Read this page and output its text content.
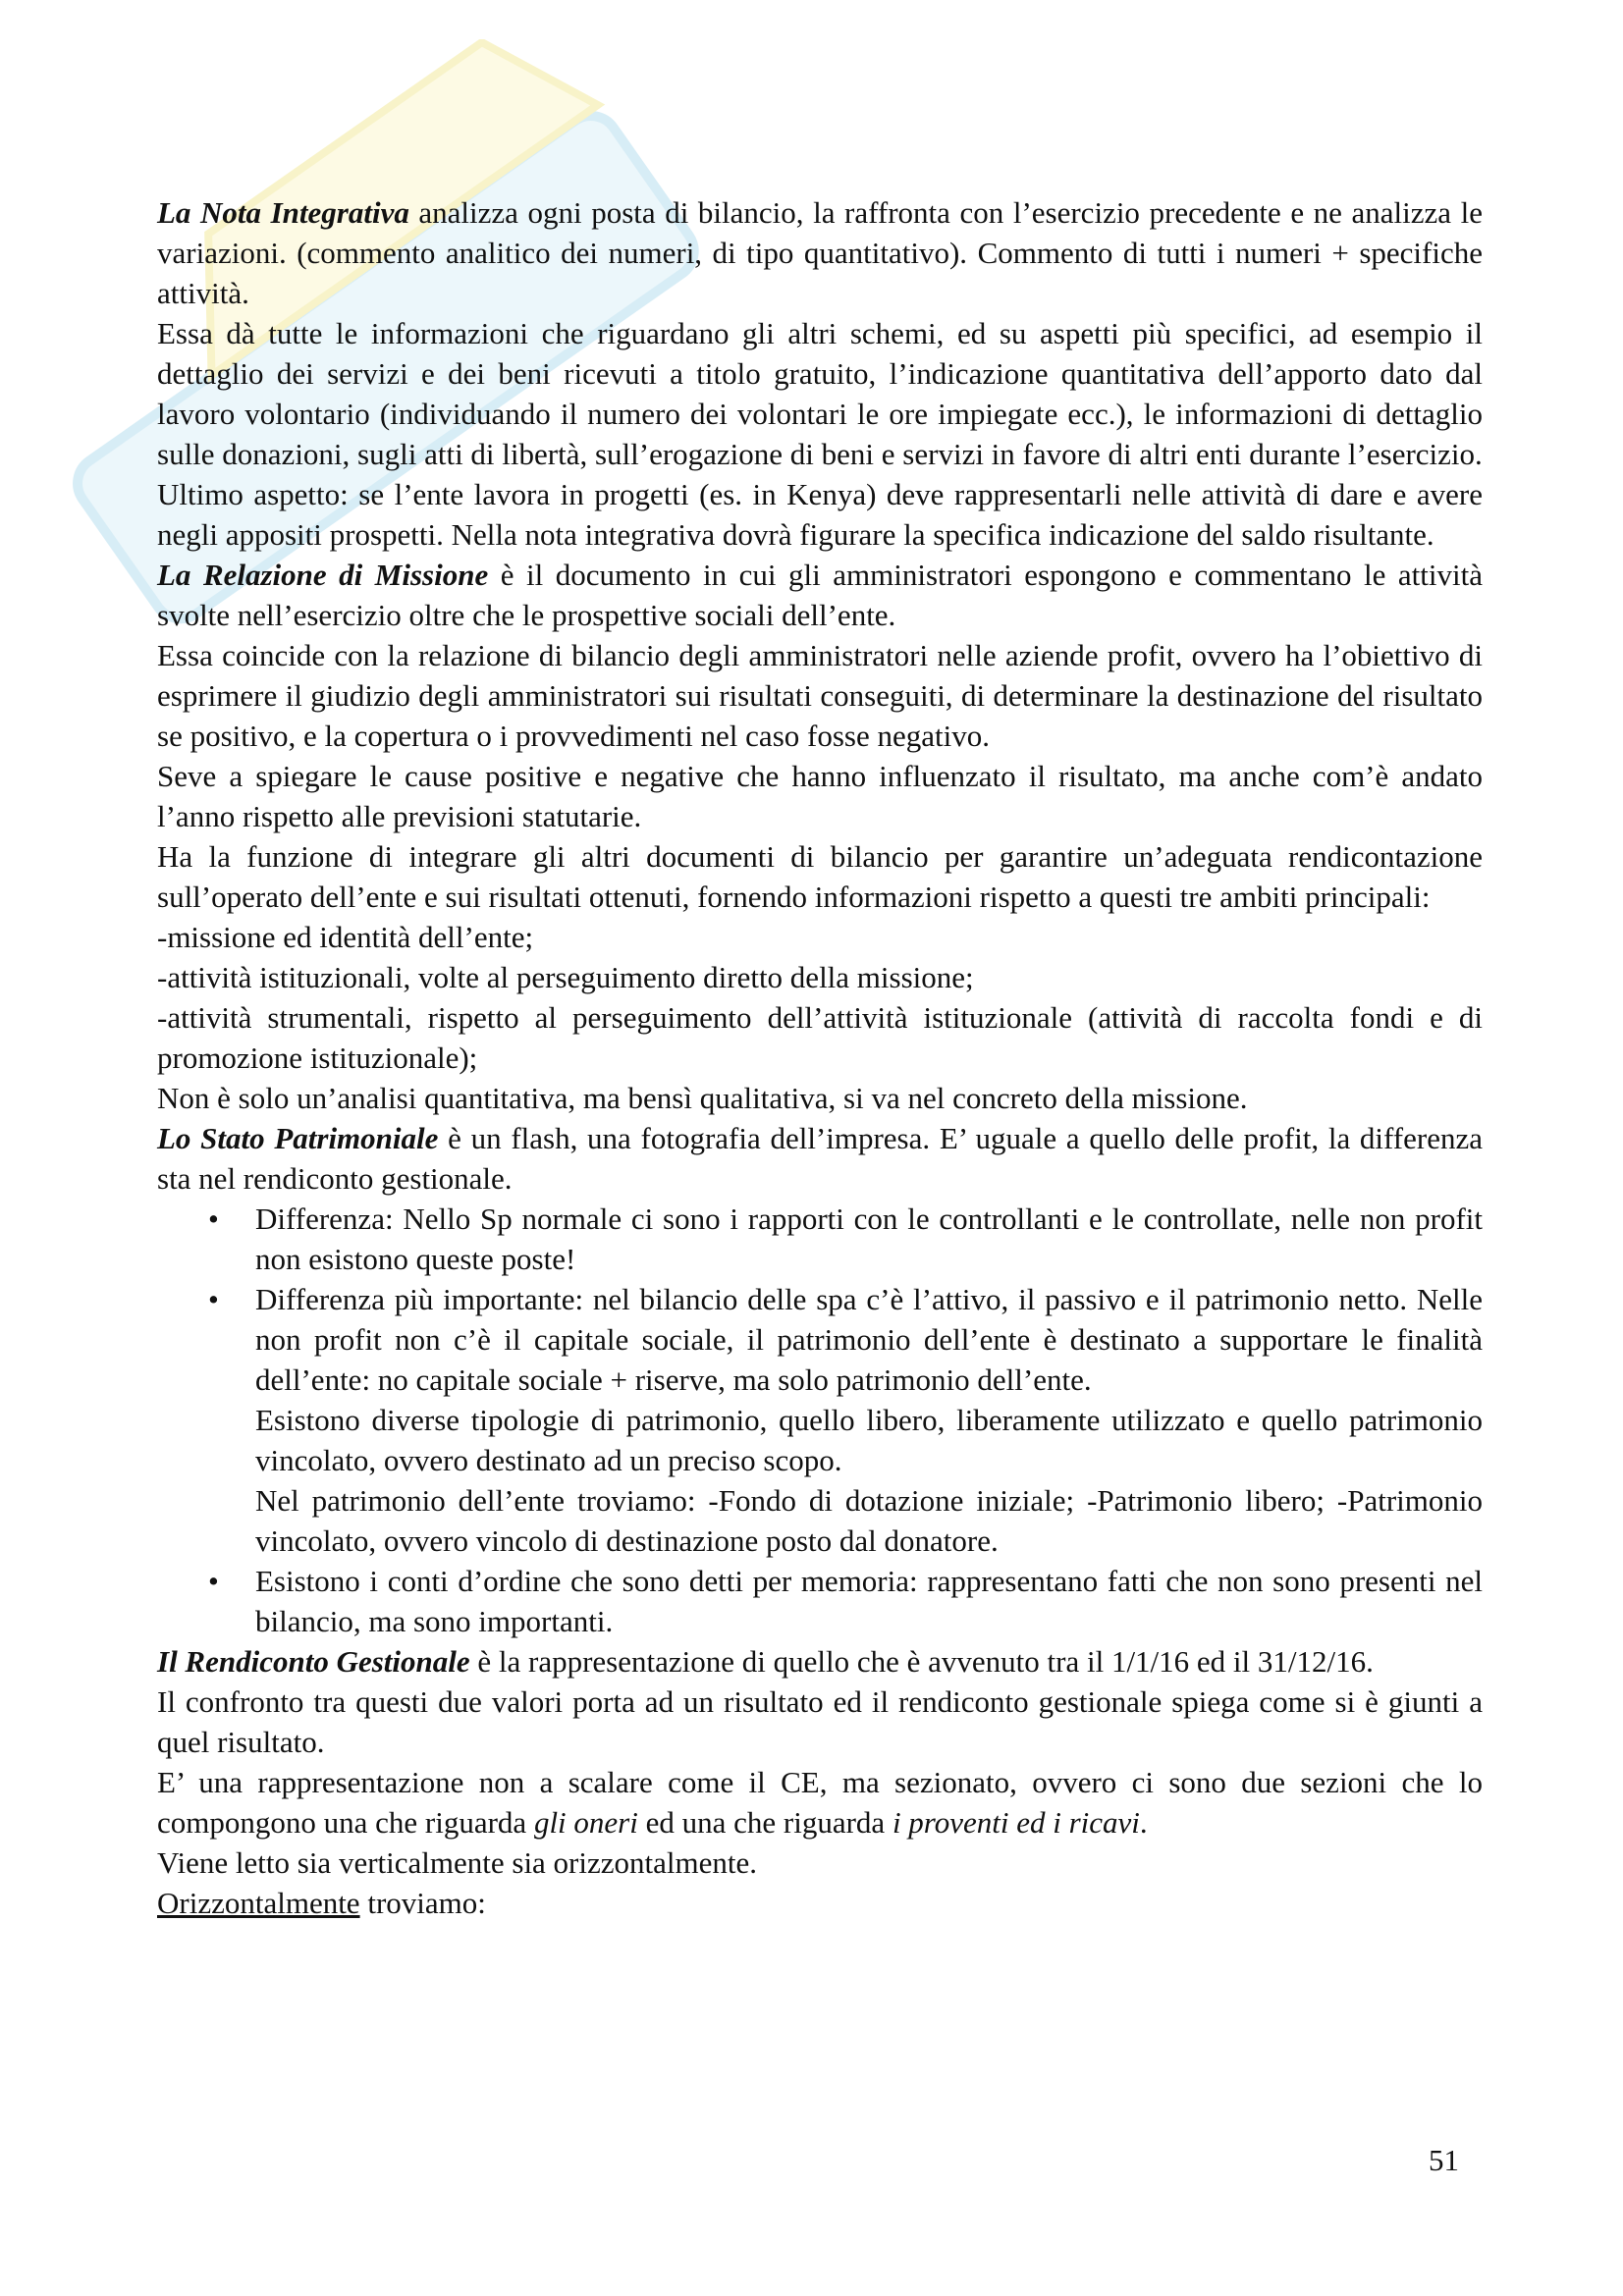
La Nota Integrativa analizza ogni posta di bilancio, la raffronta con l’esercizio precedente e ne analizza le variazioni. (commento analitico dei numeri, di tipo quantitativo). Commento di tutti i numeri + specifiche attività.

Essa dà tutte le informazioni che riguardano gli altri schemi, ed su aspetti più specifici, ad esempio il dettaglio dei servizi e dei beni ricevuti a titolo gratuito, l’indicazione quantitativa dell’apporto dato dal lavoro volontario (individuando il numero dei volontari le ore impiegate ecc.), le informazioni di dettaglio sulle donazioni, sugli atti di libertà, sull’erogazione di beni e servizi in favore di altri enti durante l’esercizio.

Ultimo aspetto: se l’ente lavora in progetti (es. in Kenya) deve rappresentarli nelle attività di dare e avere negli appositi prospetti. Nella nota integrativa dovrà figurare la specifica indicazione del saldo risultante.

La Relazione di Missione è il documento in cui gli amministratori espongono e commentano le attività svolte nell’esercizio oltre che le prospettive sociali dell’ente.

Essa coincide con la relazione di bilancio degli amministratori nelle aziende profit, ovvero ha l’obiettivo di esprimere il giudizio degli amministratori sui risultati conseguiti, di determinare la destinazione del risultato se positivo, e la copertura o i provvedimenti nel caso fosse negativo.

Seve a spiegare le cause positive e negative che hanno influenzato il risultato, ma anche com’è andato l’anno rispetto alle previsioni statutarie.

Ha la funzione di integrare gli altri documenti di bilancio per garantire un’adeguata rendicontazione sull’operato dell’ente e sui risultati ottenuti, fornendo informazioni rispetto a questi tre ambiti principali:

-missione ed identità dell’ente;

-attività istituzionali, volte al perseguimento diretto della missione;

-attività strumentali, rispetto al perseguimento dell’attività istituzionale (attività di raccolta fondi e di promozione istituzionale);

Non è solo un’analisi quantitativa, ma bensì qualitativa, si va nel concreto della missione.

Lo Stato Patrimoniale è un flash, una fotografia dell’impresa. E’ uguale a quello delle profit, la differenza sta nel rendiconto gestionale.

• Differenza: Nello Sp normale ci sono i rapporti con le controllanti e le controllate, nelle non profit non esistono queste poste!

• Differenza più importante: nel bilancio delle spa c’è l’attivo, il passivo e il patrimonio netto. Nelle non profit non c’è il capitale sociale, il patrimonio dell’ente è destinato a supportare le finalità dell’ente: no capitale sociale + riserve, ma solo patrimonio dell’ente.

Esistono diverse tipologie di patrimonio, quello libero, liberamente utilizzato e quello patrimonio vincolato, ovvero destinato ad un preciso scopo.

Nel patrimonio dell’ente troviamo: -Fondo di dotazione iniziale; -Patrimonio libero; -Patrimonio vincolato, ovvero vincolo di destinazione posto dal donatore.

• Esistono i conti d’ordine che sono detti per memoria: rappresentano fatti che non sono presenti nel bilancio, ma sono importanti.

Il Rendiconto Gestionale è la rappresentazione di quello che è avvenuto tra il 1/1/16 ed il 31/12/16.

Il confronto tra questi due valori porta ad un risultato ed il rendiconto gestionale spiega come si è giunti a quel risultato.

E’ una rappresentazione non a scalare come il CE, ma sezionato, ovvero ci sono due sezioni che lo compongono una che riguarda gli oneri ed una che riguarda i proventi ed i ricavi.

Viene letto sia verticalmente sia orizzontalmente.

Orizzontalmente troviamo:

51
